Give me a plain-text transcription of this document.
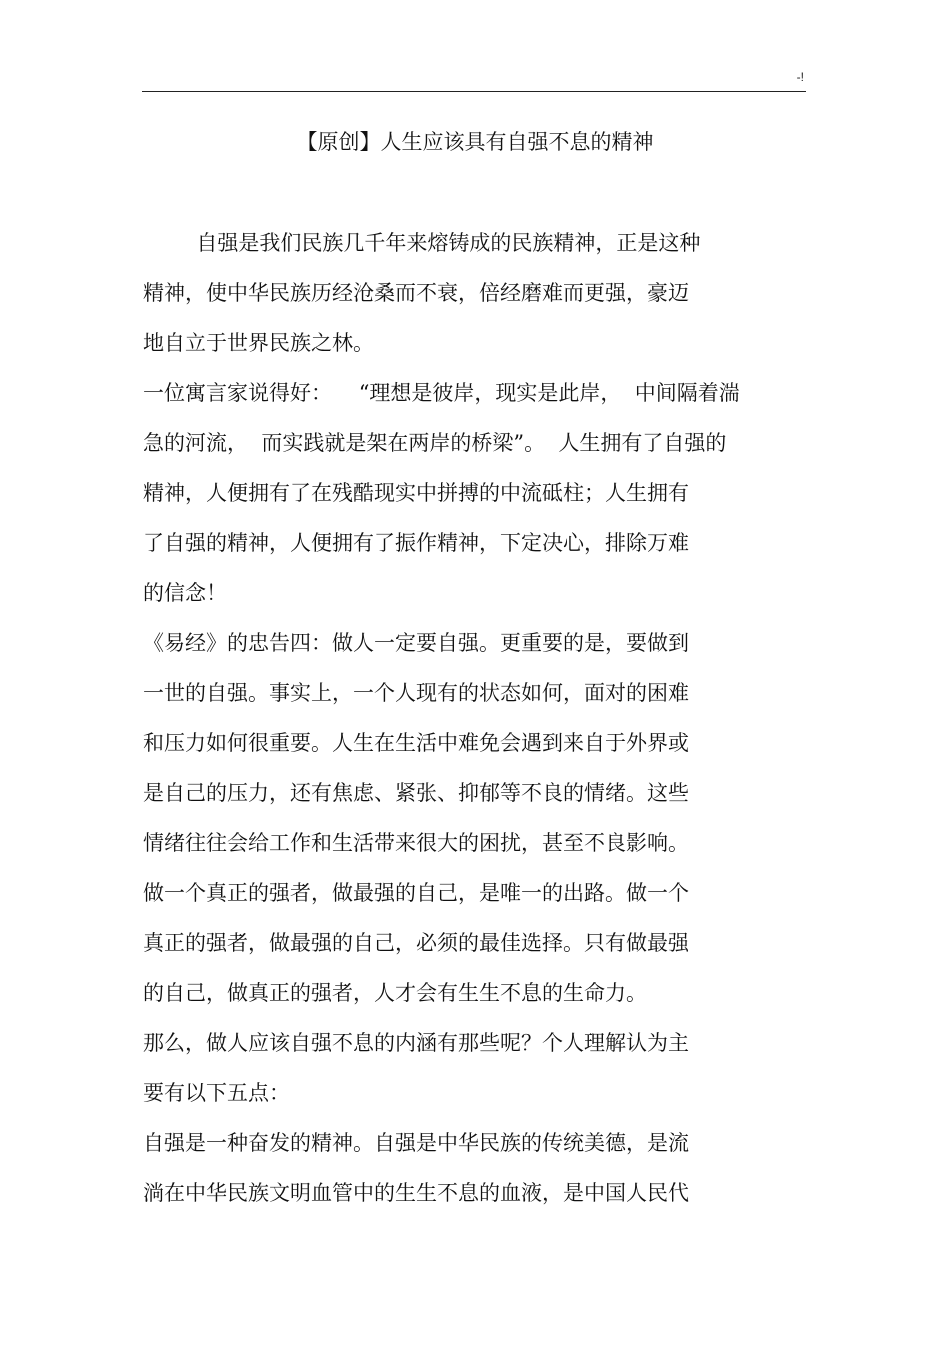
-!
【原创】人生应该具有自强不息的精神
自强是我们民族几千年来熔铸成的民族精神，正是这种
精神，使中华民族历经沧桑而不衰，倍经磨难而更强，豪迈
地自立于世界民族之林。
一位寓言家说得好：    “理想是彼岸，现实是此岸，  中间隔着湍
急的河流，  而实践就是架在两岸的桥梁”。  人生拥有了自强的
精神，人便拥有了在残酷现实中拼搏的中流砥柱；人生拥有
了自强的精神，人便拥有了振作精神，下定决心，排除万难
的信念！
《易经》的忠告四：做人一定要自强。更重要的是，要做到
一世的自强。事实上，一个人现有的状态如何，面对的困难
和压力如何很重要。人生在生活中难免会遇到来自于外界或
是自己的压力，还有焦虑、紧张、抑郁等不良的情绪。这些
情绪往往会给工作和生活带来很大的困扰，甚至不良影响。
做一个真正的强者，做最强的自己，是唯一的出路。做一个
真正的强者，做最强的自己，必须的最佳选择。只有做最强
的自己，做真正的强者，人才会有生生不息的生命力。
那么，做人应该自强不息的内涵有那些呢？个人理解认为主
要有以下五点：
自强是一种奋发的精神。自强是中华民族的传统美德，是流
淌在中华民族文明血管中的生生不息的血液，是中国人民代
